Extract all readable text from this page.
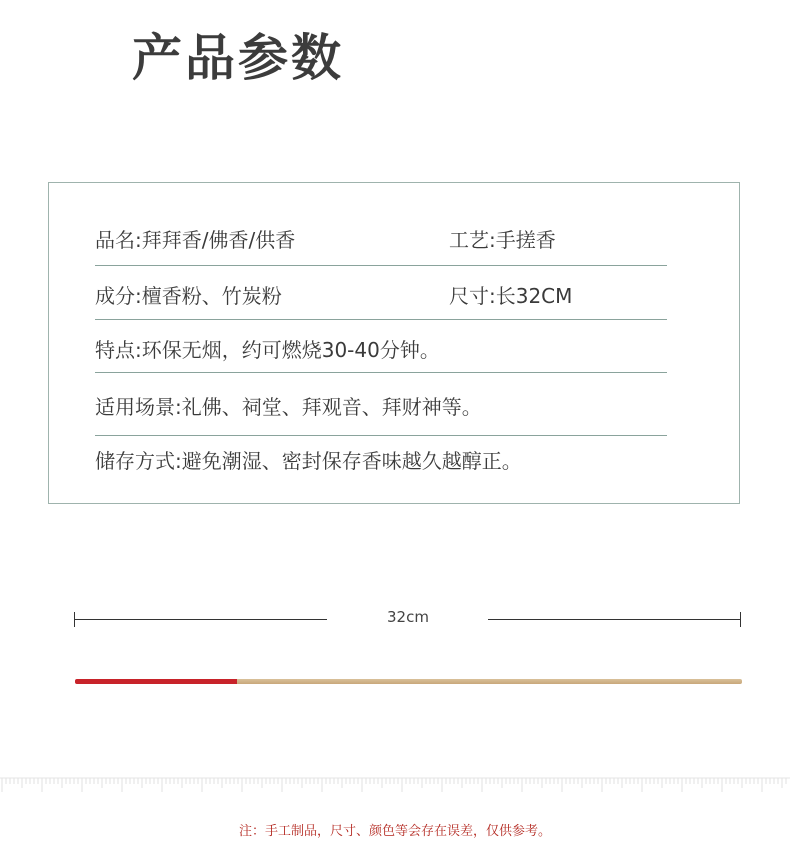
产品参数
品名:拜拜香/佛香/供香	工艺:手搓香
成分:檀香粉、竹炭粉	尺寸:长32CM
特点:环保无烟，约可燃烧30-40分钟。
适用场景:礼佛、祠堂、拜观音、拜财神等。
储存方式:避免潮湿、密封保存香味越久越醇正。
32cm
注：手工制品，尺寸、颜色等会存在误差，仅供参考。
